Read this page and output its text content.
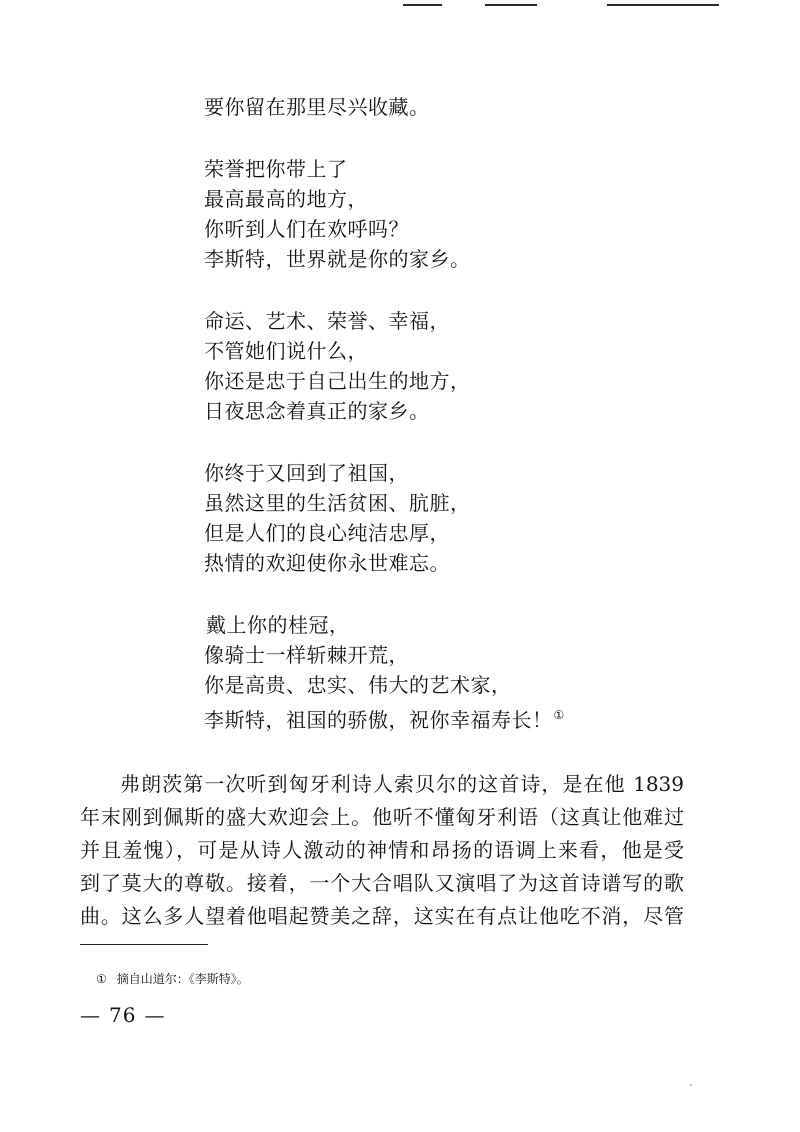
要你留在那里尽兴收藏。
荣誉把你带上了
最高最高的地方，
你听到人们在欢呼吗？
李斯特，世界就是你的家乡。
命运、艺术、荣誉、幸福，
不管她们说什么，
你还是忠于自己出生的地方，
日夜思念着真正的家乡。
你终于又回到了祖国，
虽然这里的生活贫困、肮脏，
但是人们的良心纯洁忠厚，
热情的欢迎使你永世难忘。
戴上你的桂冠，
像骑士一样斩棘开荒，
你是高贵、忠实、伟大的艺术家，
李斯特，祖国的骄傲，祝你幸福寿长！①
弗朗茨第一次听到匈牙利诗人索贝尔的这首诗，是在他 1839
年末刚到佩斯的盛大欢迎会上。他听不懂匈牙利语（这真让他难过
并且羞愧），可是从诗人激动的神情和昂扬的语调上来看，他是受
到了莫大的尊敬。接着，一个大合唱队又演唱了为这首诗谱写的歌
曲。这么多人望着他唱起赞美之辞，这实在有点让他吃不消，尽管
① 摘自山道尔：《李斯特》。
— 76 —
